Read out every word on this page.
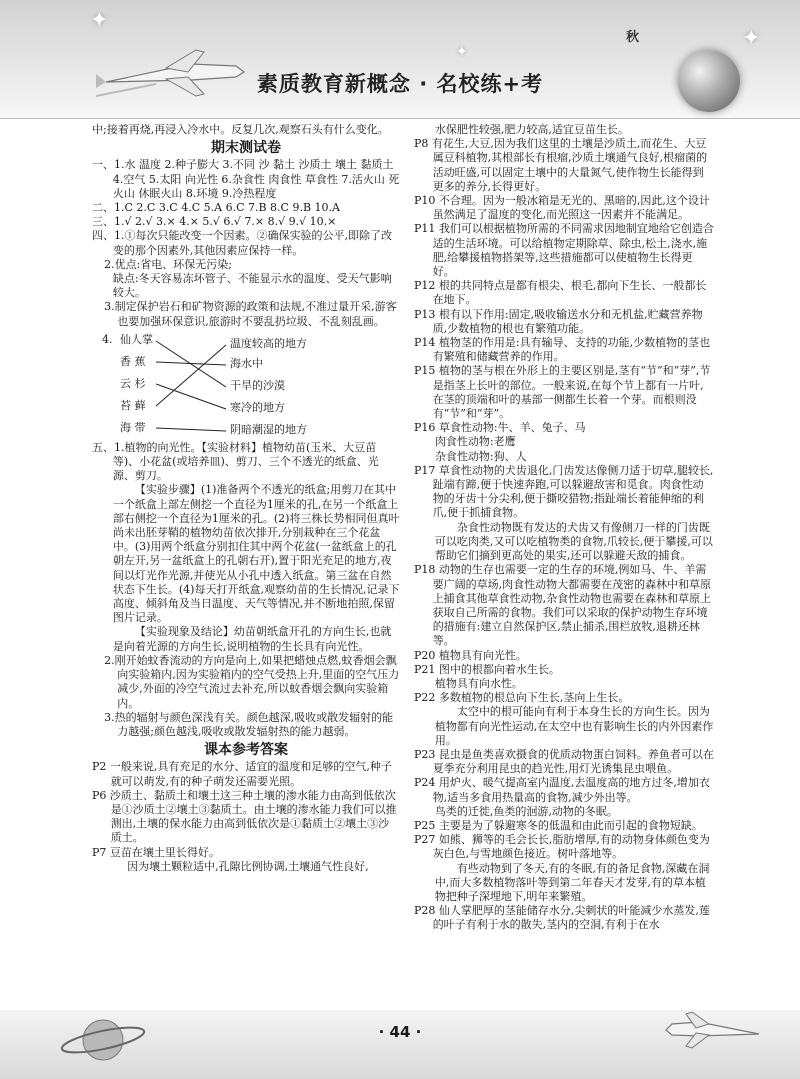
✦
✦
✦
秋
素质教育新概念 · 名校练+考

中;接着再烧,再浸入冷水中。反复几次,观察石头有什么变化。

期末测试卷

一、1.水 温度 2.种子膨大 3.不同 沙 黏土 沙质土 壤土 黏质土 4.空气 5.太阳 向光性 6.杂食性 肉食性 草食性 7.活火山 死火山 休眠火山 8.环境 9.冷热程度

二、1.C 2.C 3.C 4.C 5.A 6.C 7.B 8.C 9.B 10.A

三、1.√ 2.√ 3.× 4.× 5.√ 6.√ 7.× 8.√ 9.√ 10.×

四、1.①每次只能改变一个因素。②确保实验的公平,即除了改变的那个因素外,其他因素应保持一样。

2.优点:省电、环保无污染;

缺点:冬天容易冻坏管子、不能显示水的温度、受天气影响较大。

3.制定保护岩石和矿物资源的政策和法规,不准过量开采,游客也要加强环保意识,旅游时不要乱扔垃圾、不乱刻乱画。

4. 仙人掌
香 蕉
云 杉
苔 藓
海 带
温度较高的地方
海水中
干旱的沙漠
寒冷的地方
阴暗潮湿的地方

五、1.植物的向光性。【实验材料】植物幼苗(玉米、大豆苗等)、小花盆(或培养皿)、剪刀、三个不透光的纸盒、光源、剪刀。

【实验步骤】(1)准备两个不透光的纸盒;用剪刀在其中一个纸盒上部左侧挖一个直径为1厘米的孔,在另一个纸盒上部右侧挖一个直径为1厘米的孔。(2)将三株长势相同但真叶尚未出胚芽鞘的植物幼苗依次排开,分别栽种在三个花盆中。(3)用两个纸盒分别扣住其中两个花盆(一盆纸盒上的孔朝左开,另一盆纸盒上的孔朝右开),置于阳光充足的地方,夜间以灯光作光源,并使光从小孔中透入纸盒。第三盆在自然状态下生长。(4)每天打开纸盒,观察幼苗的生长情况,记录下高度、倾斜角及当日温度、天气等情况,并不断地拍照,保留图片记录。

【实验现象及结论】幼苗朝纸盒开孔的方向生长,也就是向着光源的方向生长,说明植物的生长具有向光性。

2.刚开始蚊香流动的方向是向上,如果把蜡烛点燃,蚊香烟会飘向实验箱内,因为实验箱内的空气受热上升,里面的空气压力减少,外面的冷空气流过去补充,所以蚊香烟会飘向实验箱内。

3.热的辐射与颜色深浅有关。颜色越深,吸收或散发辐射的能力越强;颜色越浅,吸收或散发辐射热的能力越弱。

课本参考答案

P2 一般来说,具有充足的水分、适宜的温度和足够的空气,种子就可以萌发,有的种子萌发还需要光照。

P6 沙质土、黏质土和壤土这三种土壤的渗水能力由高到低依次是①沙质土②壤土③黏质土。由土壤的渗水能力我们可以推测出,土壤的保水能力由高到低依次是①黏质土②壤土③沙质土。

P7 豆苗在壤土里长得好。

因为壤土颗粒适中,孔隙比例协调,土壤通气性良好,

水保肥性较强,肥力较高,适宜豆苗生长。

P8 有花生,大豆,因为我们这里的土壤是沙质土,而花生、大豆属豆科植物,其根部长有根瘤,沙质土壤通气良好,根瘤菌的活动旺盛,可以固定土壤中的大量氮气,使作物生长能得到更多的养分,长得更好。

P10 不合理。因为一般冰箱是无光的、黑暗的,因此,这个设计虽然满足了温度的变化,而光照这一因素并不能满足。

P11 我们可以根据植物所需的不同需求因地制宜地给它创造合适的生活环境。可以给植物定期除草、除虫,松土,浇水,施肥,给攀援植物搭架等,这些措施都可以使植物生长得更好。

P12 根的共同特点是都有根尖、根毛,都向下生长、一般都长在地下。

P13 根有以下作用:固定,吸收输送水分和无机盐,贮藏营养物质,少数植物的根也有繁殖功能。

P14 植物茎的作用是:具有输导、支持的功能,少数植物的茎也有繁殖和储藏营养的作用。

P15 植物的茎与根在外形上的主要区别是,茎有“节”和“芽”,节是指茎上长叶的部位。一般来说,在每个节上都有一片叶,在茎的顶端和叶的基部一侧都生长着一个芽。而根则没有“节”和“芽”。

P16 草食性动物:牛、羊、兔子、马

肉食性动物:老鹰

杂食性动物:狗、人

P17 草食性动物的犬齿退化,门齿发达像侧刀适于切草,腿较长,趾端有蹄,便于快速奔跑,可以躲避敌害和觅食。肉食性动物的牙齿十分尖利,便于撕咬猎物;指趾端长着能伸缩的利爪,便于抓捕食物。

杂食性动物既有发达的犬齿又有像侧刀一样的门齿既可以吃肉类,又可以吃植物类的食物,爪较长,便于攀援,可以帮助它们摘到更高处的果实,还可以躲避天敌的捕食。

P18 动物的生存也需要一定的生存的环境,例如马、牛、羊需要广阔的草场,肉食性动物大都需要在茂密的森林中和草原上捕食其他草食性动物,杂食性动物也需要在森林和草原上获取自己所需的食物。我们可以采取的保护动物生存环境的措施有:建立自然保护区,禁止捕杀,围栏放牧,退耕还林等。

P20 植物具有向光性。

P21 图中的根都向着水生长。

植物具有向水性。

P22 多数植物的根总向下生长,茎向上生长。

太空中的根可能向有利于本身生长的方向生长。因为植物都有向光性运动,在太空中也有影响生长的内外因素作用。

P23 昆虫是鱼类喜欢摄食的优质动物蛋白饲料。养鱼者可以在夏季充分利用昆虫的趋光性,用灯光诱集昆虫喂鱼。

P24 用炉火、暖气提高室内温度,去温度高的地方过冬,增加衣物,适当多食用热量高的食物,减少外出等。

鸟类的迁徙,鱼类的洄游,动物的冬眠。

P25 主要是为了躲避寒冬的低温和由此而引起的食物短缺。

P27 如熊、狮等的毛会长长,脂肪增厚,有的动物身体颜色变为灰白色,与雪地颜色接近。树叶落地等。

有些动物到了冬天,有的冬眠,有的备足食物,深藏在洞中,而大多数植物落叶等到第二年春天才发芽,有的草本植物把种子深埋地下,明年来繁殖。

P28 仙人掌肥厚的茎能储存水分,尖刺状的叶能减少水蒸发,莲的叶子有利于水的散失,茎内的空洞,有利于在水

· 44 ·
